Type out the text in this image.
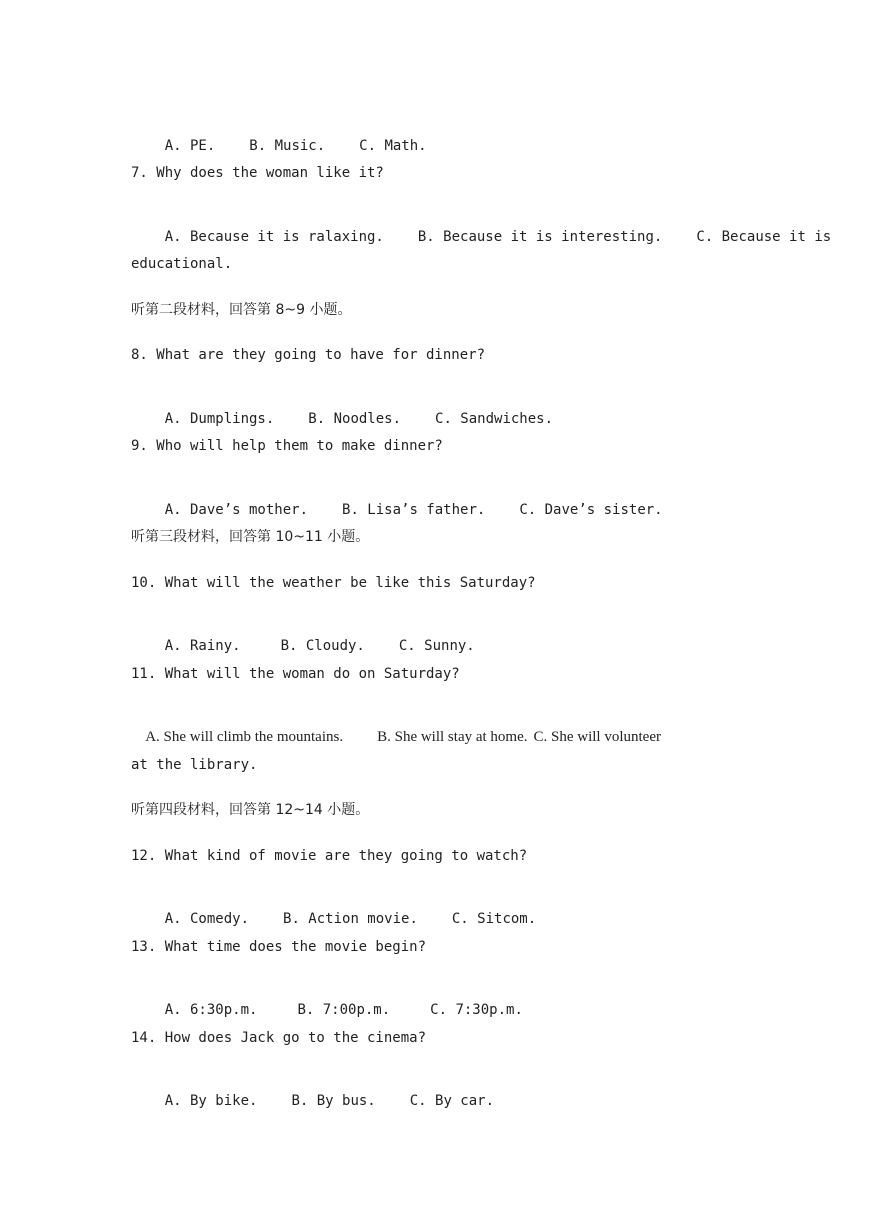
A. PE. B. Music. C. Math.

7. Why does the woman like it?

A. Because it is ralaxing. B. Because it is interesting. C. Because it is

educational.
听第二段材料，回答第 8~9 小题。
8. What are they going to have for dinner?

A. Dumplings. B. Noodles. C. Sandwiches.

9. Who will help them to make dinner?

A. Dave’s mother. B. Lisa’s father. C. Dave’s sister.

听第三段材料，回答第 10~11 小题。
10. What will the weather be like this Saturday?

A. Rainy.	B. Cloudy. C. Sunny.

11. What will the woman do on Saturday?

A. She will climb the mountains. B. She will stay at home. C. She will volunteer

at the library.
听第四段材料，回答第 12~14 小题。
12. What kind of movie are they going to watch?

A. Comedy. B. Action movie. C. Sitcom.

13. What time does the movie begin?

A. 6:30p.m.	B. 7:00p.m.	C. 7:30p.m.

14. How does Jack go to the cinema?

A. By bike. B. By bus. C. By car.
